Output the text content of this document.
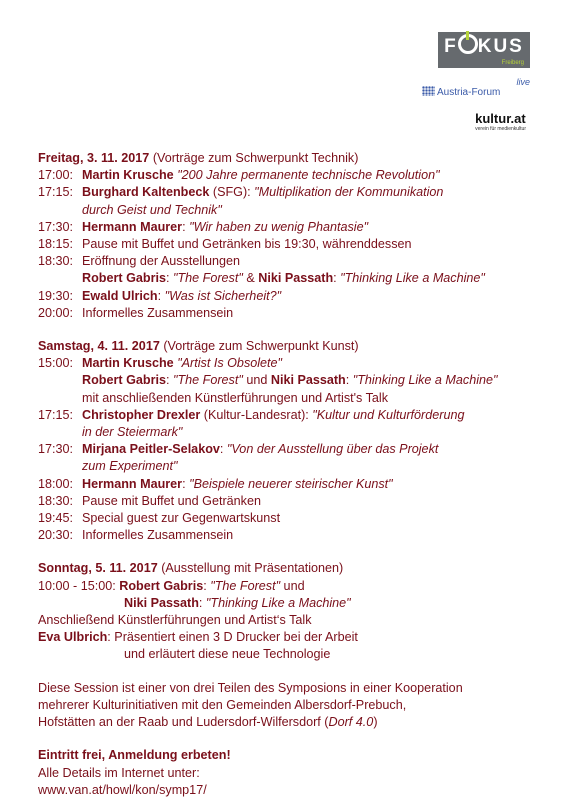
F KUS
Freiberg
Austria-Forum
live
kultur.at
verein für medienkultur
Freitag, 3. 11. 2017 (Vorträge zum Schwerpunkt Technik)
17:00: Martin Krusche "200 Jahre permanente technische Revolution"
17:15: Burghard Kaltenbeck (SFG): "Multiplikation der Kommunikation
durch Geist und Technik"
17:30: Hermann Maurer: "Wir haben zu wenig Phantasie"
18:15: Pause mit Buffet und Getränken bis 19:30, währenddessen
18:30: Eröffnung der Ausstellungen
Robert Gabris: "The Forest" & Niki Passath: "Thinking Like a Machine"
19:30: Ewald Ulrich: "Was ist Sicherheit?"
20:00: Informelles Zusammensein
Samstag, 4. 11. 2017 (Vorträge zum Schwerpunkt Kunst)
15:00: Martin Krusche "Artist Is Obsolete"
Robert Gabris: "The Forest" und Niki Passath: "Thinking Like a Machine"
mit anschließenden Künstlerführungen und Artist's Talk
17:15: Christopher Drexler (Kultur-Landesrat): "Kultur und Kulturförderung
in der Steiermark"
17:30: Mirjana Peitler-Selakov: "Von der Ausstellung über das Projekt
zum Experiment"
18:00: Hermann Maurer: "Beispiele neuerer steirischer Kunst"
18:30: Pause mit Buffet und Getränken
19:45: Special guest zur Gegenwartskunst
20:30: Informelles Zusammensein
Sonntag, 5. 11. 2017 (Ausstellung mit Präsentationen)
10:00 - 15:00: Robert Gabris: "The Forest" und
Niki Passath: "Thinking Like a Machine"
Anschließend Künstlerführungen und Artist‘s Talk
Eva Ulbrich: Präsentiert einen 3 D Drucker bei der Arbeit
und erläutert diese neue Technologie
Diese Session ist einer von drei Teilen des Symposions in einer Kooperation
mehrerer Kulturinitiativen mit den Gemeinden Albersdorf-Prebuch,
Hofstätten an der Raab und Ludersdorf-Wilfersdorf (Dorf 4.0)
Eintritt frei, Anmeldung erbeten!
Alle Details im Internet unter:
www.van.at/howl/kon/symp17/
